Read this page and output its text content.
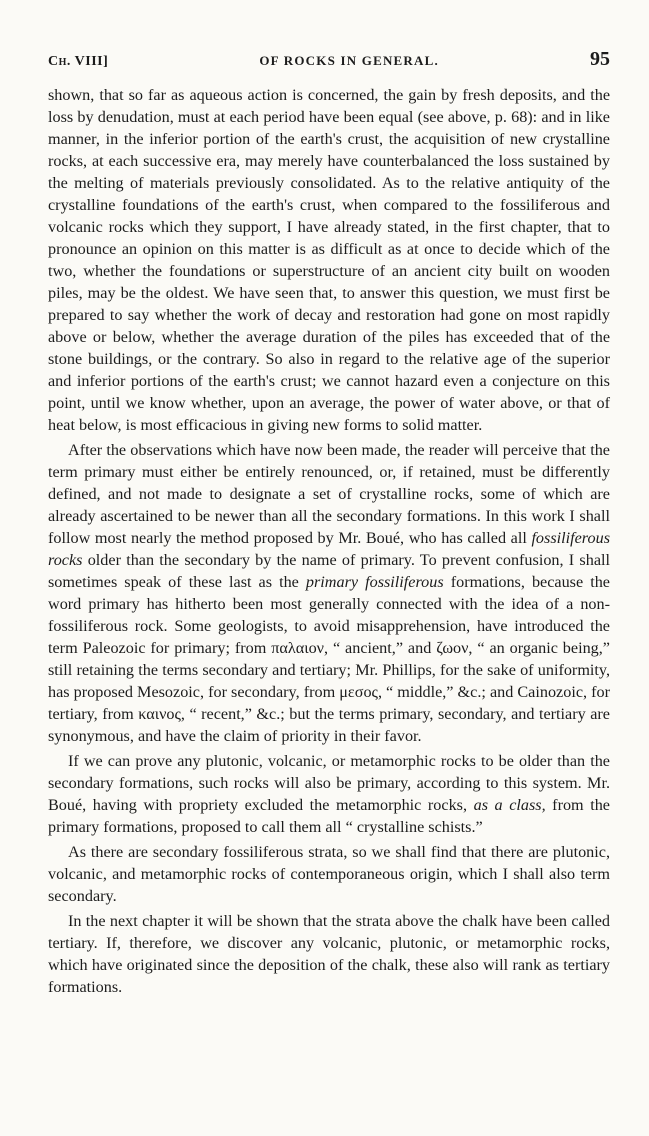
Ch. VIII]	OF ROCKS IN GENERAL.	95

shown, that so far as aqueous action is concerned, the gain by fresh deposits, and the loss by denudation, must at each period have been equal (see above, p. 68): and in like manner, in the inferior portion of the earth's crust, the acquisition of new crystalline rocks, at each successive era, may merely have counterbalanced the loss sustained by the melting of materials previously consolidated. As to the relative antiquity of the crystalline foundations of the earth's crust, when compared to the fossiliferous and volcanic rocks which they support, I have already stated, in the first chapter, that to pronounce an opinion on this matter is as difficult as at once to decide which of the two, whether the foundations or superstructure of an ancient city built on wooden piles, may be the oldest. We have seen that, to answer this question, we must first be prepared to say whether the work of decay and restoration had gone on most rapidly above or below, whether the average duration of the piles has exceeded that of the stone buildings, or the contrary. So also in regard to the relative age of the superior and inferior portions of the earth's crust; we cannot hazard even a conjecture on this point, until we know whether, upon an average, the power of water above, or that of heat below, is most efficacious in giving new forms to solid matter.

After the observations which have now been made, the reader will perceive that the term primary must either be entirely renounced, or, if retained, must be differently defined, and not made to designate a set of crystalline rocks, some of which are already ascertained to be newer than all the secondary formations. In this work I shall follow most nearly the method proposed by Mr. Boué, who has called all fossiliferous rocks older than the secondary by the name of primary. To prevent confusion, I shall sometimes speak of these last as the primary fossiliferous formations, because the word primary has hitherto been most generally connected with the idea of a non-fossiliferous rock. Some geologists, to avoid misapprehension, have introduced the term Paleozoic for primary; from παλαιον, “ ancient,” and ζωον, “ an organic being,” still retaining the terms secondary and tertiary; Mr. Phillips, for the sake of uniformity, has proposed Mesozoic, for secondary, from μεσος, “ middle,” &c.; and Cainozoic, for tertiary, from καινος, “ recent,” &c.; but the terms primary, secondary, and tertiary are synonymous, and have the claim of priority in their favor.

If we can prove any plutonic, volcanic, or metamorphic rocks to be older than the secondary formations, such rocks will also be primary, according to this system. Mr. Boué, having with propriety excluded the metamorphic rocks, as a class, from the primary formations, proposed to call them all “ crystalline schists.”

As there are secondary fossiliferous strata, so we shall find that there are plutonic, volcanic, and metamorphic rocks of contemporaneous origin, which I shall also term secondary.

In the next chapter it will be shown that the strata above the chalk have been called tertiary. If, therefore, we discover any volcanic, plutonic, or metamorphic rocks, which have originated since the deposition of the chalk, these also will rank as tertiary formations.
